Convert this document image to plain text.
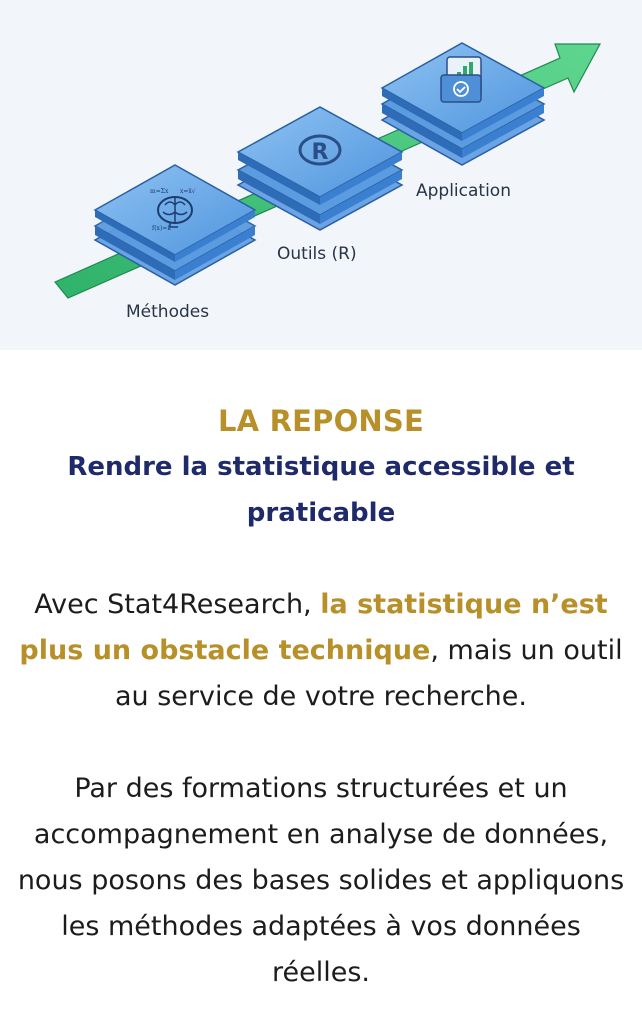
m=Σx x=x̄√
f(x)=k
R
Méthodes
Outils (R)
Application
LA REPONSE
Rendre la statistique accessible et praticable

Avec Stat4Research, la statistique n’est plus un obstacle technique, mais un outil au service de votre recherche.

Par des formations structurées et un accompagnement en analyse de données, nous posons des bases solides et appliquons les méthodes adaptées à vos données réelles.
